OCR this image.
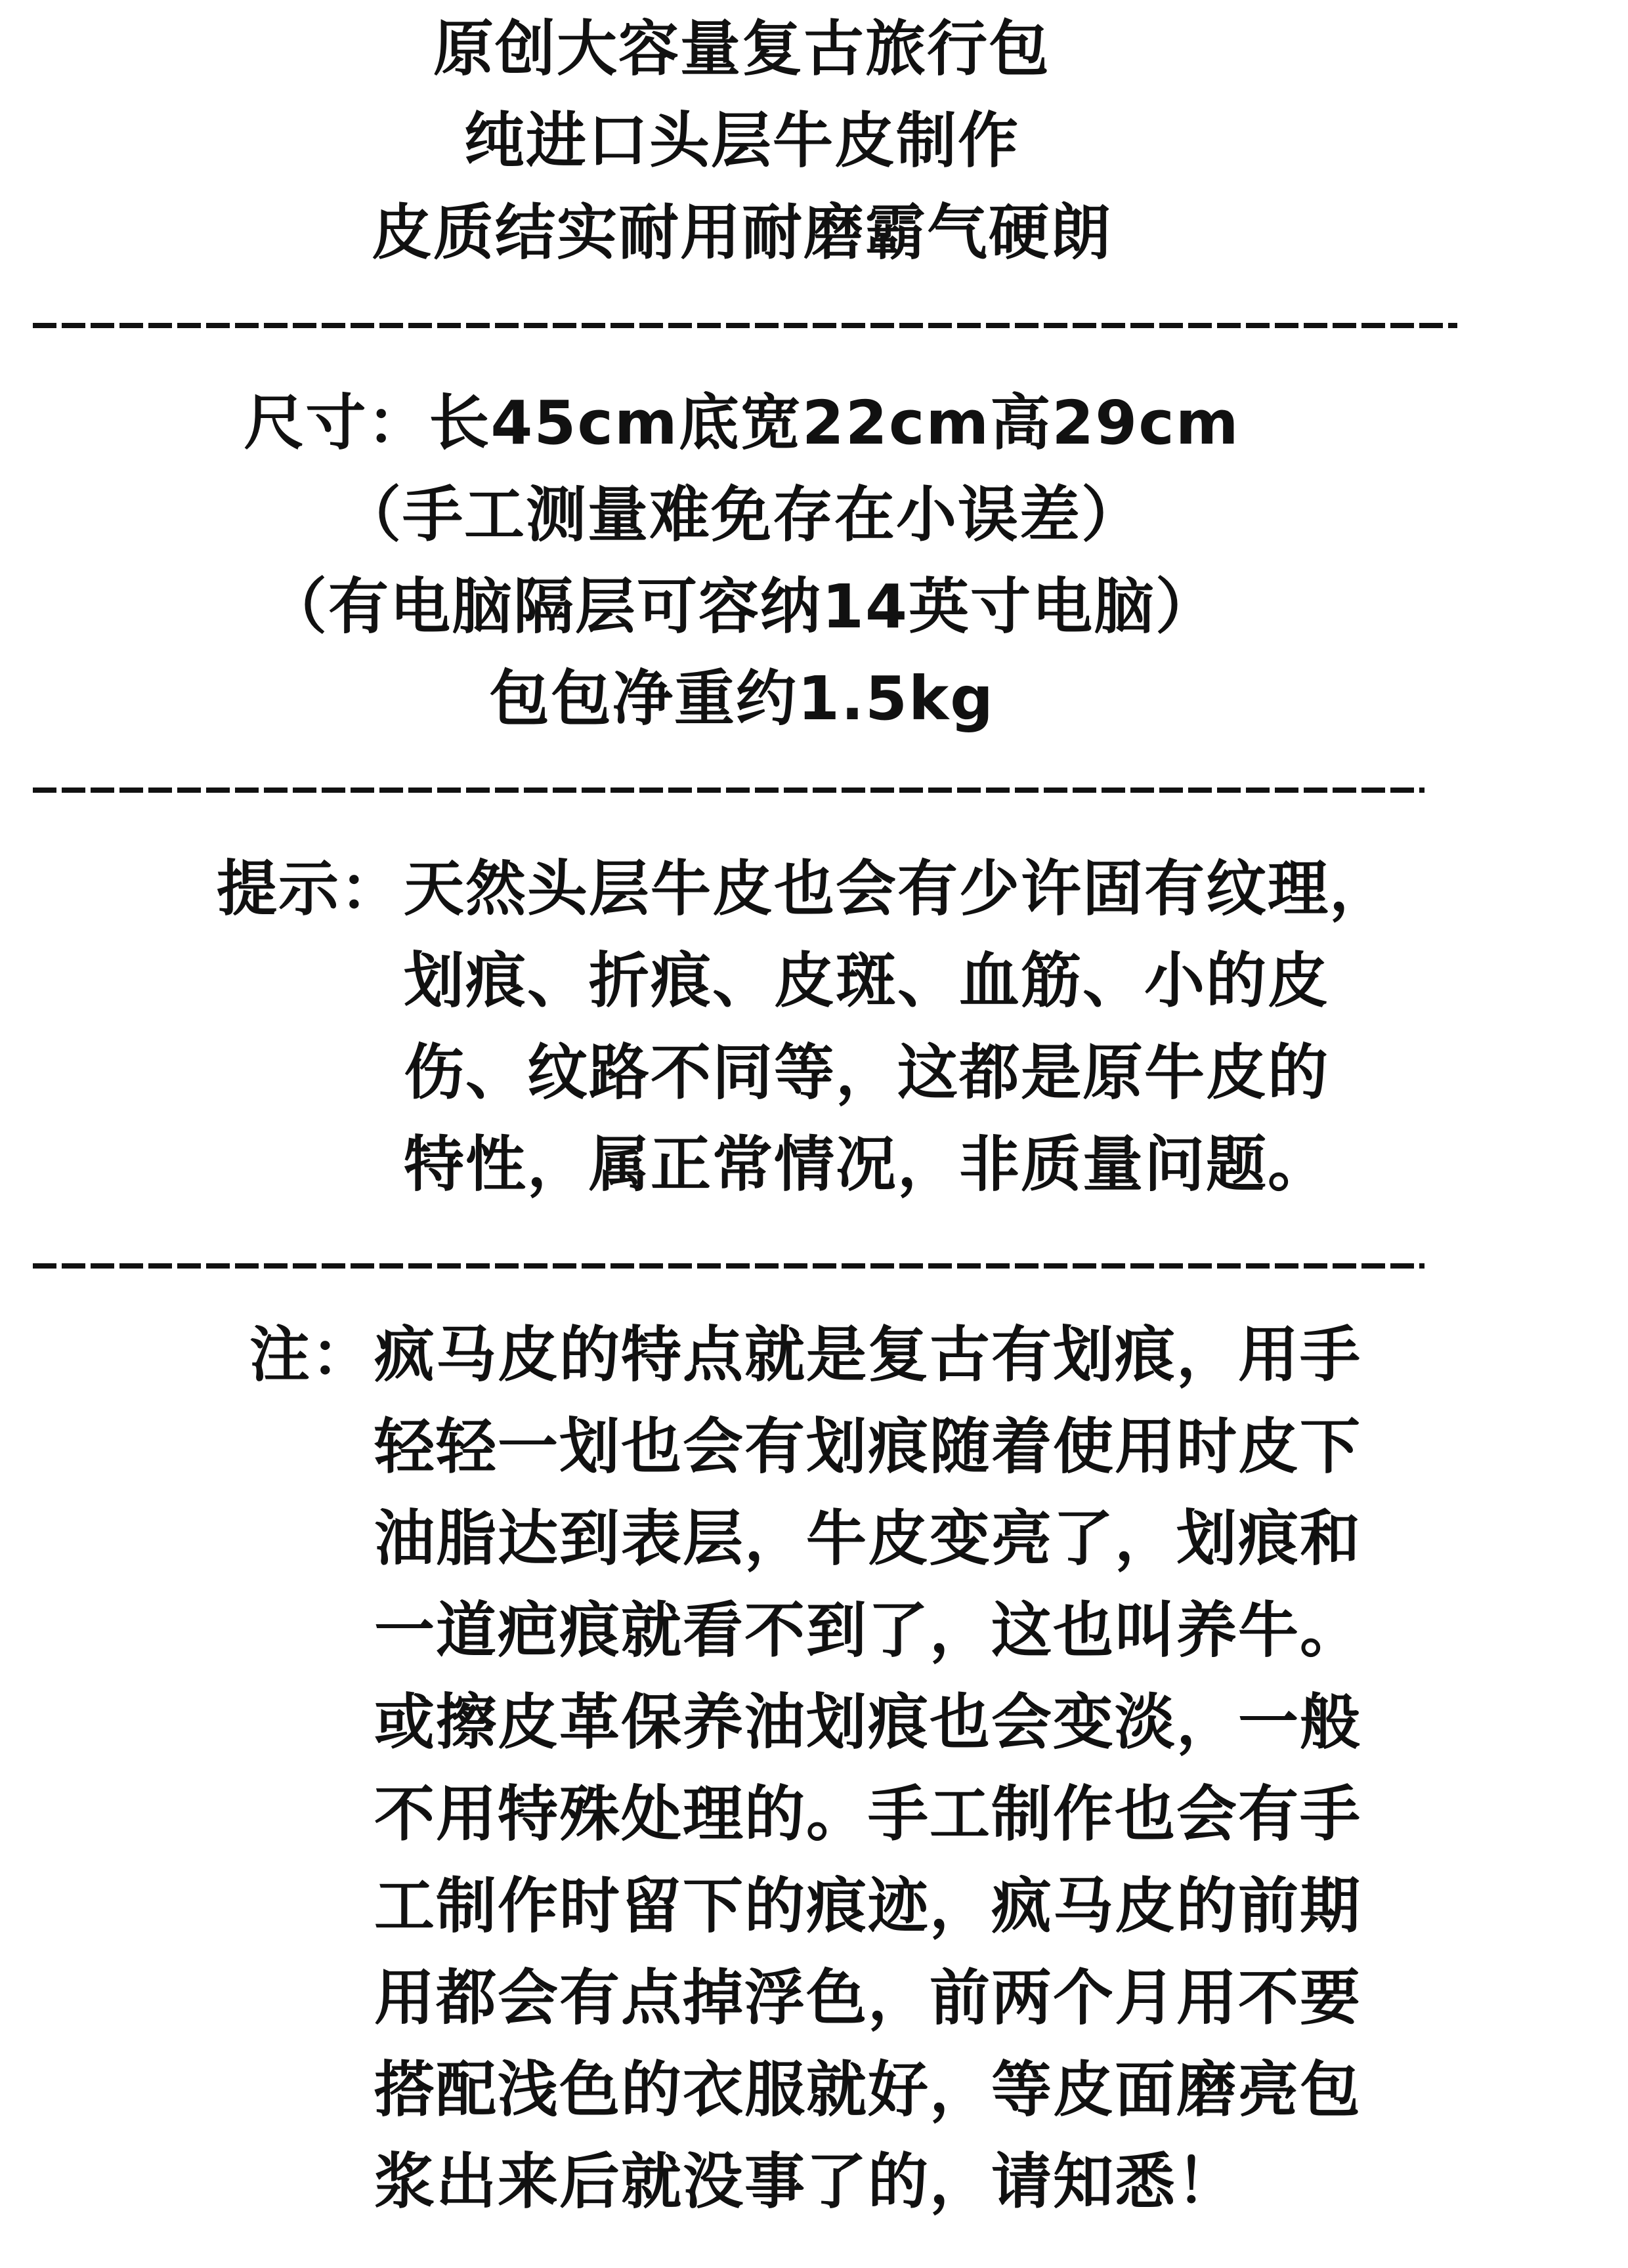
原创大容量复古旅行包
纯进口头层牛皮制作
皮质结实耐用耐磨霸气硬朗
尺寸：长45cm底宽22cm高29cm
（手工测量难免存在小误差）
（有电脑隔层可容纳14英寸电脑）
包包净重约1.5kg
提示： 天然头层牛皮也会有少许固有纹理，
划痕、折痕、皮斑、血筋、小的皮
伤、纹路不同等，这都是原牛皮的
特性，属正常情况，非质量问题。
注： 疯马皮的特点就是复古有划痕，用手
轻轻一划也会有划痕随着使用时皮下
油脂达到表层，牛皮变亮了，划痕和
一道疤痕就看不到了，这也叫养牛。
或擦皮革保养油划痕也会变淡，一般
不用特殊处理的。手工制作也会有手
工制作时留下的痕迹，疯马皮的前期
用都会有点掉浮色，前两个月用不要
搭配浅色的衣服就好，等皮面磨亮包
浆出来后就没事了的，请知悉！
